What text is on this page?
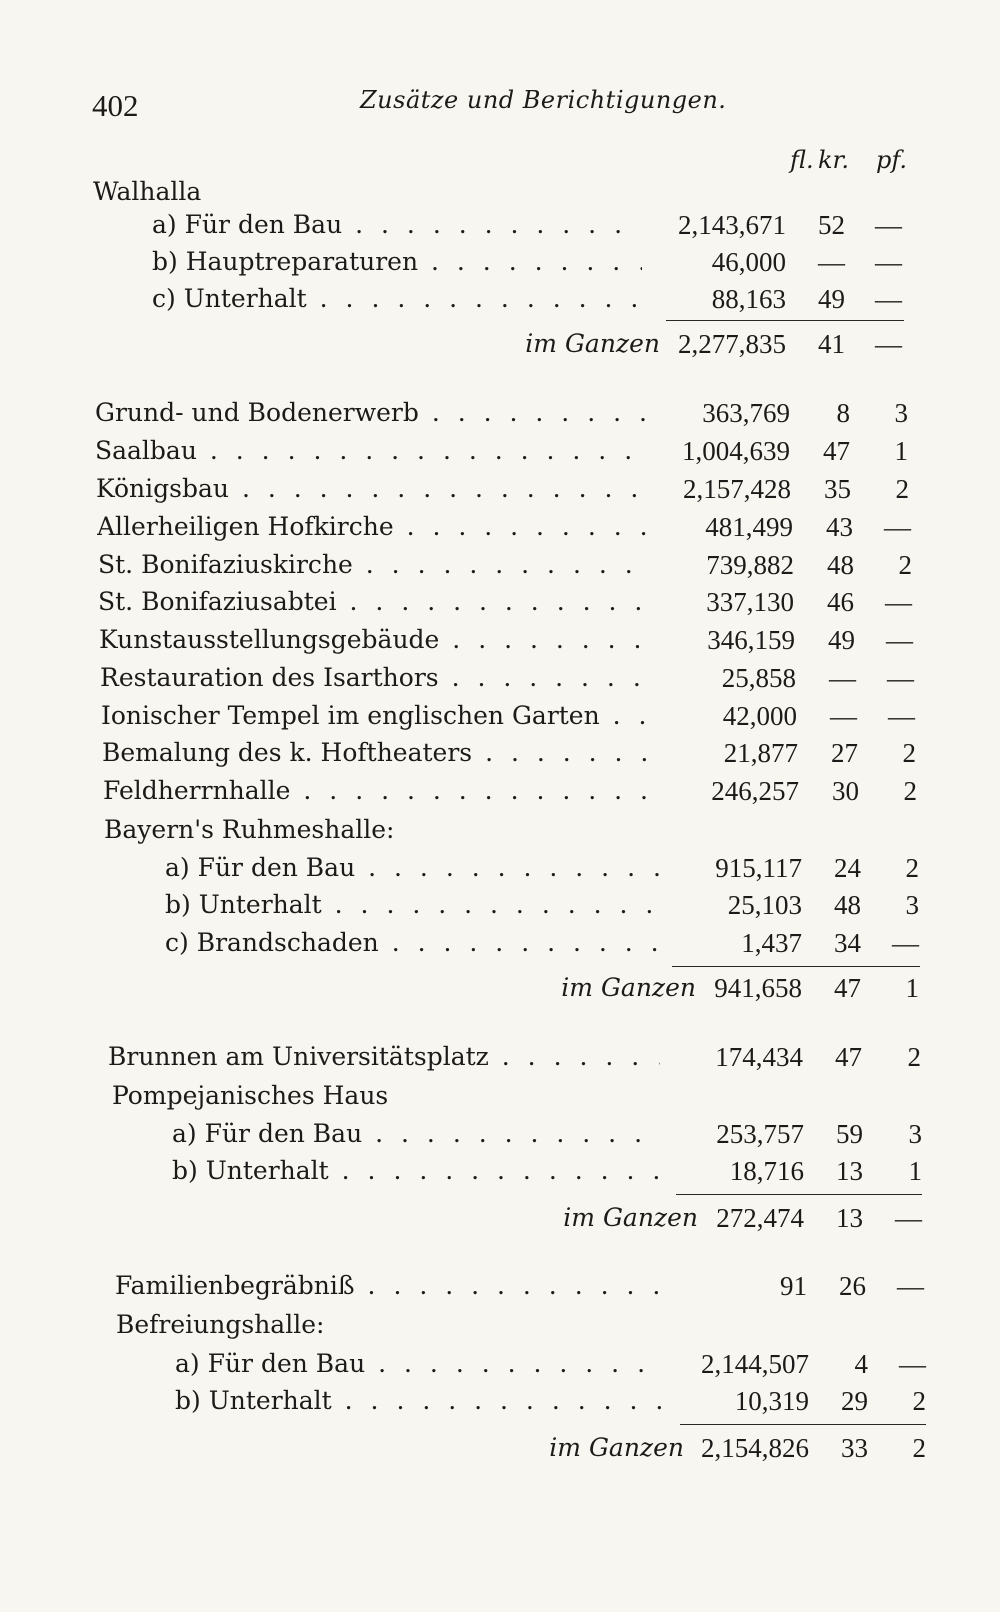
402	Zusätze und Berichtigungen.
fl. kr. pf.
Walhalla
a) Für den Bau . . .	2,143,671	52	—
b) Hauptreparaturen . . .	46,000	—	—
c) Unterhalt . . .	88,163	49	—
im Ganzen 2,277,835	41	—
Grund- und Bodenerwerb . . .	363,769	8	3
Saalbau . . .	1,004,639	47	1
Königsbau . . .	2,157,428	35	2
Allerheiligen Hofkirche . . .	481,499	43	—
St. Bonifaziuskirche . . .	739,882	48	2
St. Bonifaziusabtei . . .	337,130	46	—
Kunstausstellungsgebäude . . .	346,159	49	—
Restauration des Isarthors . . .	25,858	—	—
Ionischer Tempel im englischen Garten . . .	42,000	—	—
Bemalung des k. Hoftheaters . . .	21,877	27	2
Feldherrnhalle . . .	246,257	30	2
Bayern's Ruhmeshalle:
a) Für den Bau . . .	915,117	24	2
b) Unterhalt . . .	25,103	48	3
c) Brandschaden . . .	1,437	34	—
im Ganzen 941,658	47	1
Brunnen am Universitätsplatz . . .	174,434	47	2
Pompejanisches Haus
a) Für den Bau . . .	253,757	59	3
b) Unterhalt . . .	18,716	13	1
im Ganzen 272,474	13	—
Familienbegräbniß . . .	91	26	—
Befreiungshalle:
a) Für den Bau . . .	2,144,507	4	—
b) Unterhalt . . .	10,319	29	2
im Ganzen 2,154,826	33	2
